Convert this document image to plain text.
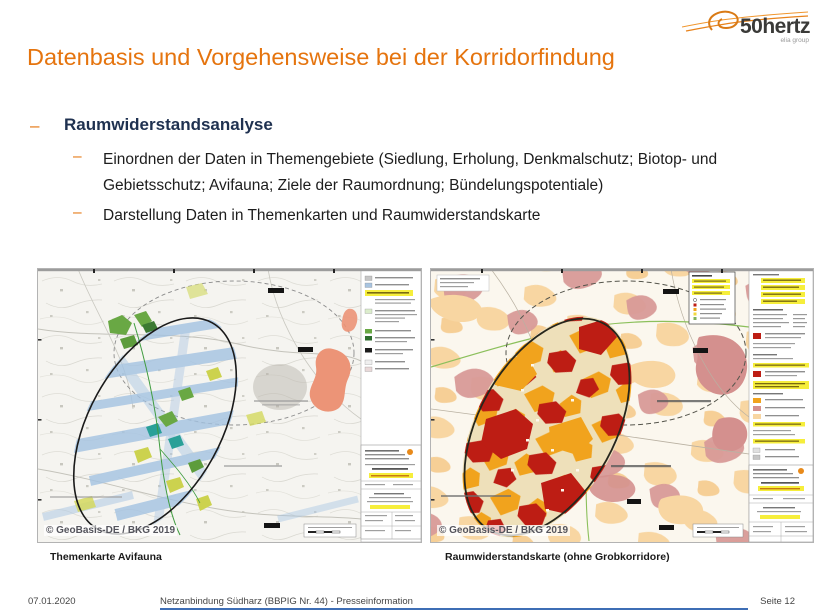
50hertz
elia group
Datenbasis und Vorgehensweise bei der Korridorfindung
– Raumwiderstandsanalyse
– Einordnen der Daten in Themengebiete (Siedlung, Erholung, Denkmalschutz; Biotop- und Gebietsschutz; Avifauna; Ziele der Raumordnung; Bündelungspotentiale)
– Darstellung Daten in Themenkarten und Raumwiderstandskarte
© GeoBasis-DE / BKG 2019	© GeoBasis-DE / BKG 2019
Themenkarte Avifauna	Raumwiderstandskarte (ohne Grobkorridore)
07.01.2020	Netzanbindung Südharz (BBPIG Nr. 44) - Presseinformation	Seite 12
